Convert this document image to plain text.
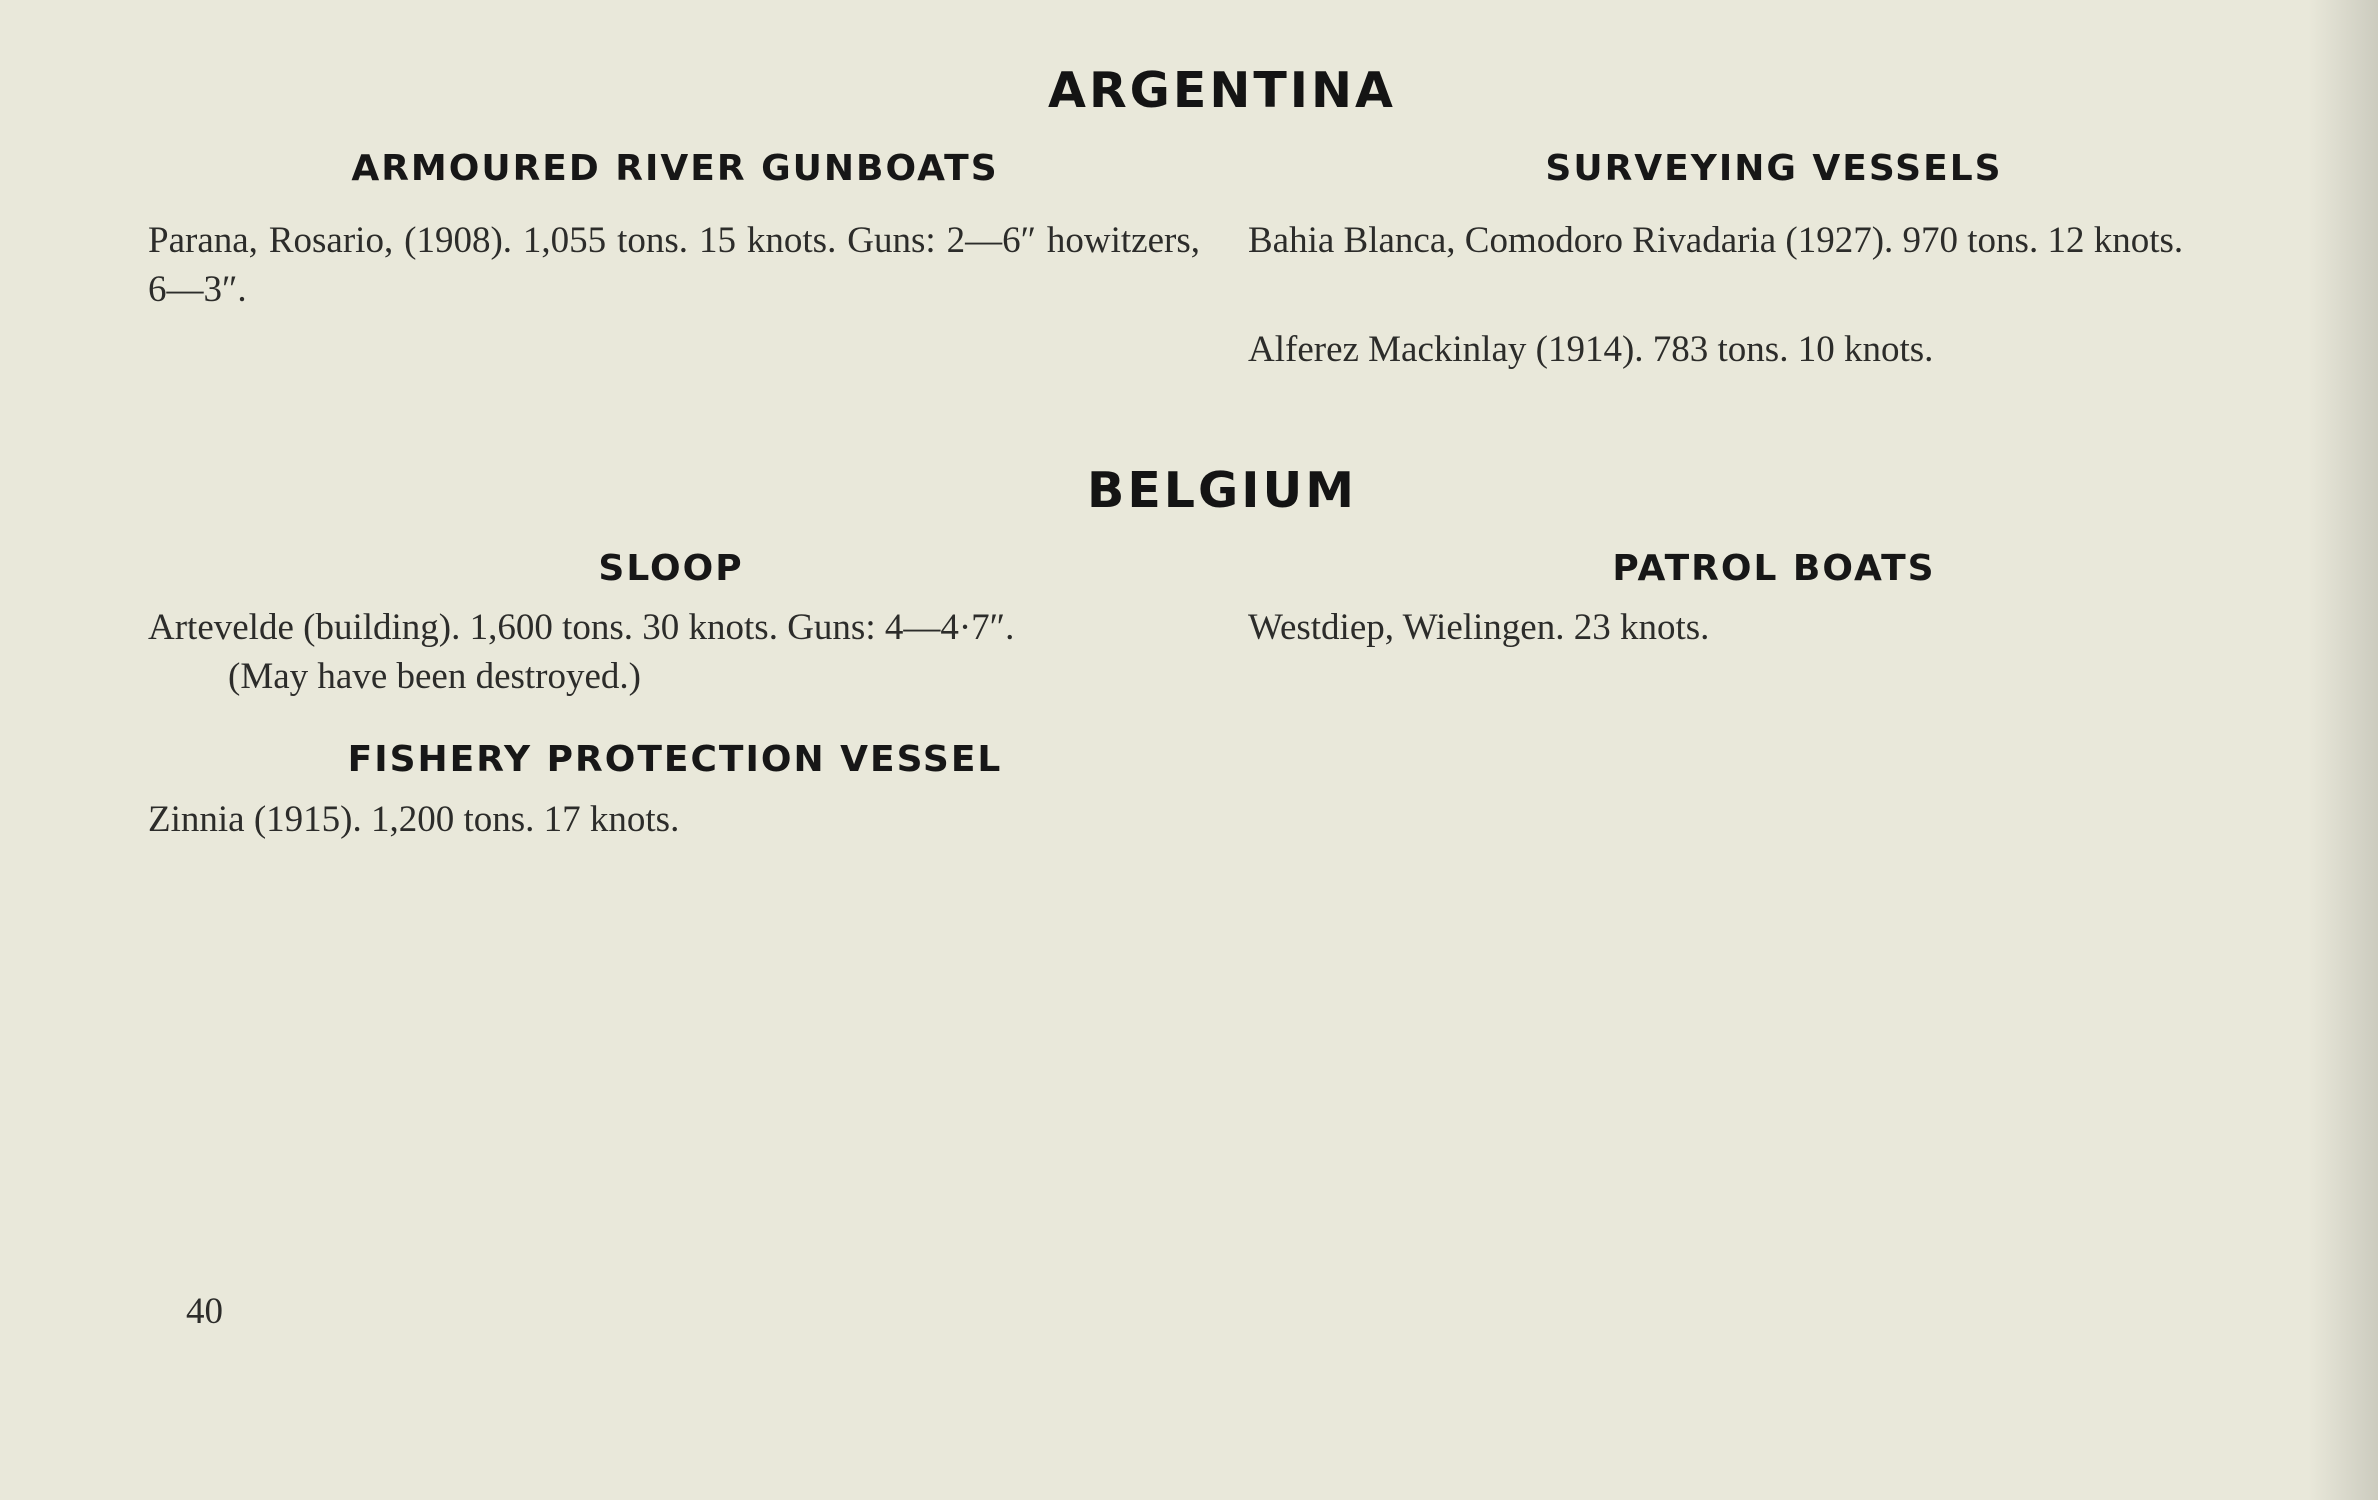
ARGENTINA
ARMOURED RIVER GUNBOATS	SURVEYING VESSELS

Parana, Rosario, (1908). 1,055 tons. 15 knots. Guns: 2—6″ howitzers, 6—3″.

Bahia Blanca, Comodoro Rivadaria (1927). 970 tons. 12 knots.

Alferez Mackinlay (1914). 783 tons. 10 knots.

BELGIUM
SLOOP	PATROL BOATS

Artevelde (building). 1,600 tons. 30 knots. Guns: 4—4·7″.

(May have been destroyed.)

Westdiep, Wielingen. 23 knots.

FISHERY PROTECTION VESSEL

Zinnia (1915). 1,200 tons. 17 knots.

40
